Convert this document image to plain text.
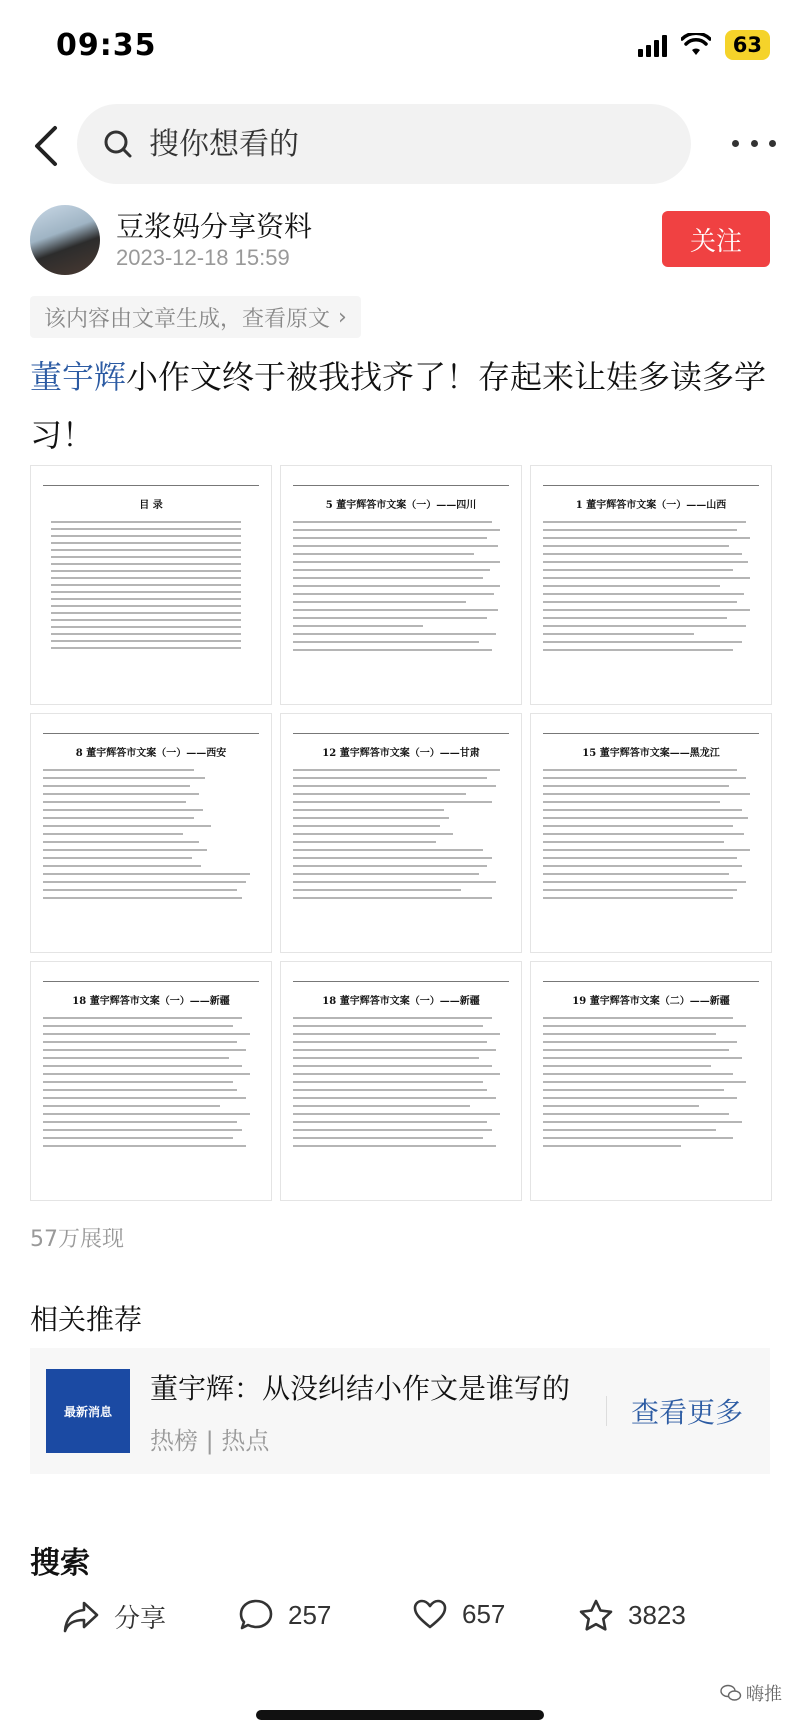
09:35	63
搜你想看的
豆浆妈分享资料
2023-12-18 15:59
关注
该内容由文章生成，查看原文 ›
董宇辉小作文终于被我找齐了！存起来让娃多读多学习！

目 录
	5 董宇辉答市文案（一）——四川
	1 董宇辉答市文案（一）——山西

8 董宇辉答市文案（一）——西安
	12 董宇辉答市文案（一）——甘肃
	15 董宇辉答市文案——黑龙江

18 董宇辉答市文案（一）——新疆
	18 董宇辉答市文案（一）——新疆
	19 董宇辉答市文案（二）——新疆
57万展现
相关推荐
最新消息
董宇辉：从没纠结小作文是谁写的
热榜 | 热点
查看更多
搜索
分享	257	657	3823
嗨推
